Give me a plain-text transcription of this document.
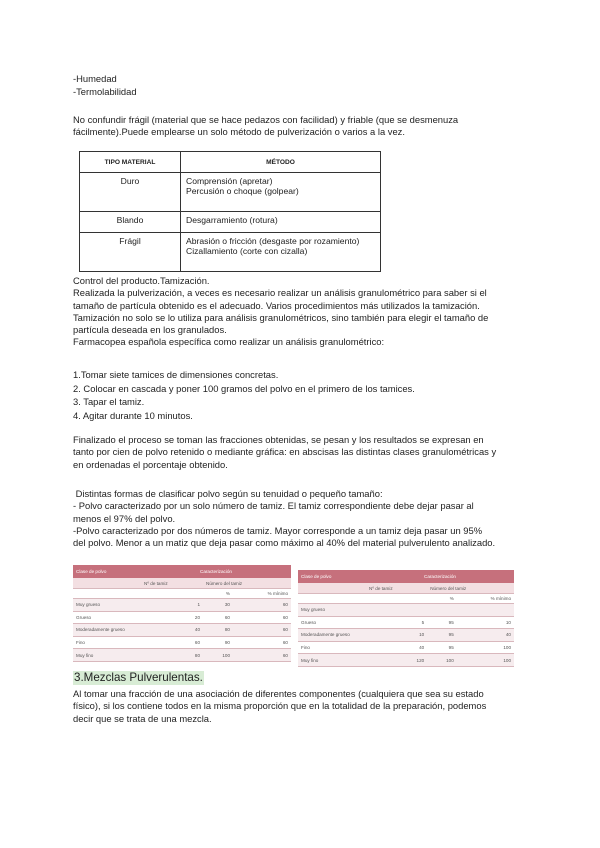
-Humedad
-Termolabilidad

No confundir frágil (material que se hace pedazos con facilidad) y friable (que se desmenuza

fácilmente).Puede emplearse un solo método de pulverización o varios a la vez.

TIPO MATERIAL	MÉTODO
Duro	Comprensión (apretar)
Percusión o choque (golpear)

Blando	Desgarramiento (rotura)

Frágil	Abrasión o fricción (desgaste por rozamiento)
Cizallamiento (corte con cizalla)

Control del producto.Tamización.

Realizada la pulverización, a veces es necesario realizar un análisis granulométrico para saber si el

tamaño de partícula obtenido es el adecuado. Varios procedimientos más utilizados la tamización.

Tamización no solo se lo utiliza para análisis granulométricos, sino también para elegir el tamaño de

partícula deseada en los granulados.

Farmacopea española específica como realizar un análisis granulométrico:

1.Tomar siete tamices de dimensiones concretas.

2. Colocar en cascada y poner 100 gramos del polvo en el primero de los tamices.

3. Tapar el tamiz.

4. Agitar durante 10 minutos.

Finalizado el proceso se toman las fracciones obtenidas, se pesan y los resultados se expresan en

tanto por cien de polvo retenido o mediante gráfica: en abscisas las distintas clases granulométricas y

en ordenadas el porcentaje obtenido.

Distintas formas de clasificar polvo según su tenuidad o pequeño tamaño:

- Polvo caracterizado por un solo número de tamiz. El tamiz correspondiente debe dejar pasar al

menos el 97% del polvo.

-Polvo caracterizado por dos números de tamiz. Mayor corresponde a un tamiz deja pasar un 95%

del polvo. Menor a un matiz que deja pasar como máximo al 40% del material pulverulento analizado.

Clase de polvo	Caracterización		
	Nº de tamiz	Número del tamiz	
		%	% mínimo
Muy grueso	1	30	60
Grueso	20	60	60
Moderadamente grueso	40	80	60
Fino	60	90	60
Muy fino	80	100	60
Clase de polvo	Caracterización		
	Nº de tamiz	Número del tamiz	
		%	% mínimo
Muy grueso			
Grueso	5	95	10
Moderadamente grueso	10	95	40
Fino	40	95	100
Muy fino	120	100	100
3.Mezclas Pulverulentas.

Al tomar una fracción de una asociación de diferentes componentes (cualquiera que sea su estado

físico), si los contiene todos en la misma proporción que en la totalidad de la preparación, podemos

decir que se trata de una mezcla.
